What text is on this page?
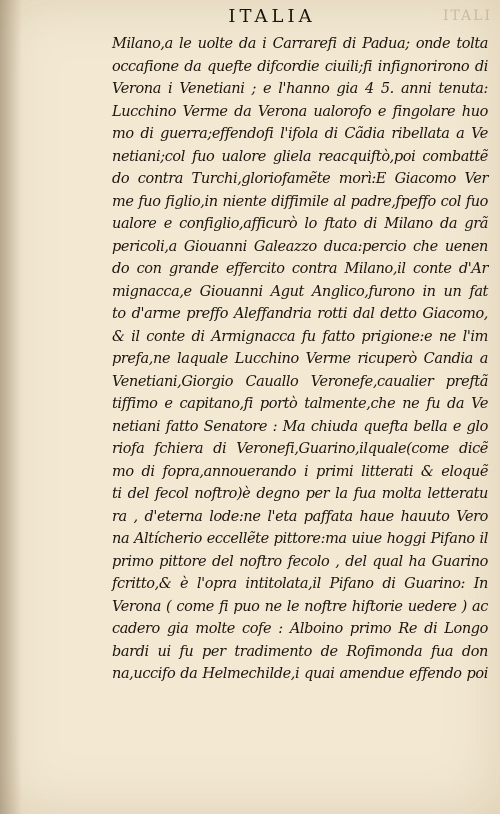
ITALIA	ITALI
Milano,a le uolte da i Carrarefi di Padua; onde tolta
occafione da quefte difcordie ciuili;fi infignorirono di
Verona i Venetiani ; e l'hanno gia 4 5. anni tenuta:
Lucchino Verme da Verona ualorofo e fingolare huo
mo di guerra;effendofi l'ifola di Cãdia ribellata a Ve
netiani;col fuo ualore gliela reacquiftò,poi combattẽ
do contra Turchi,gloriofamẽte morì:E Giacomo Ver
me fuo figlio,in niente diffimile al padre,fpeffo col fuo
ualore e configlio,afficurò lo ftato di Milano da grã
pericoli,a Giouanni Galeazzo duca:percio che uenen
do con grande effercito contra Milano,il conte d'Ar
mignacca,e Giouanni Agut Anglico,furono in un fat
to d'arme preffo Aleffandria rotti dal detto Giacomo,
& il conte di Armignacca fu fatto prigione:e ne l'im
prefa,ne laquale Lucchino Verme ricuperò Candia a
Venetiani,Giorgio Cauallo Veronefe,caualier preftã
tiffimo e capitano,fi portò talmente,che ne fu da Ve
netiani fatto Senatore : Ma chiuda quefta bella e glo
riofa fchiera di Veronefi,Guarino,ilquale(come dicẽ
mo di fopra,annouerando i primi litterati & eloquẽ
ti del fecol noftro)è degno per la fua molta letteratu
ra , d'eterna lode:ne l'eta paffata haue hauuto Vero
na Altícherio eccellẽte pittore:ma uiue hoggi Pifano il
primo pittore del noftro fecolo , del qual ha Guarino
fcritto,& è l'opra intitolata,il Pifano di Guarino: In
Verona ( come fi puo ne le noftre hiftorie uedere ) ac
cadero gia molte cofe : Alboino primo Re di Longo
bardi ui fu per tradimento de Rofimonda fua don
na,uccifo da Helmechilde,i quai amendue effendo poi
